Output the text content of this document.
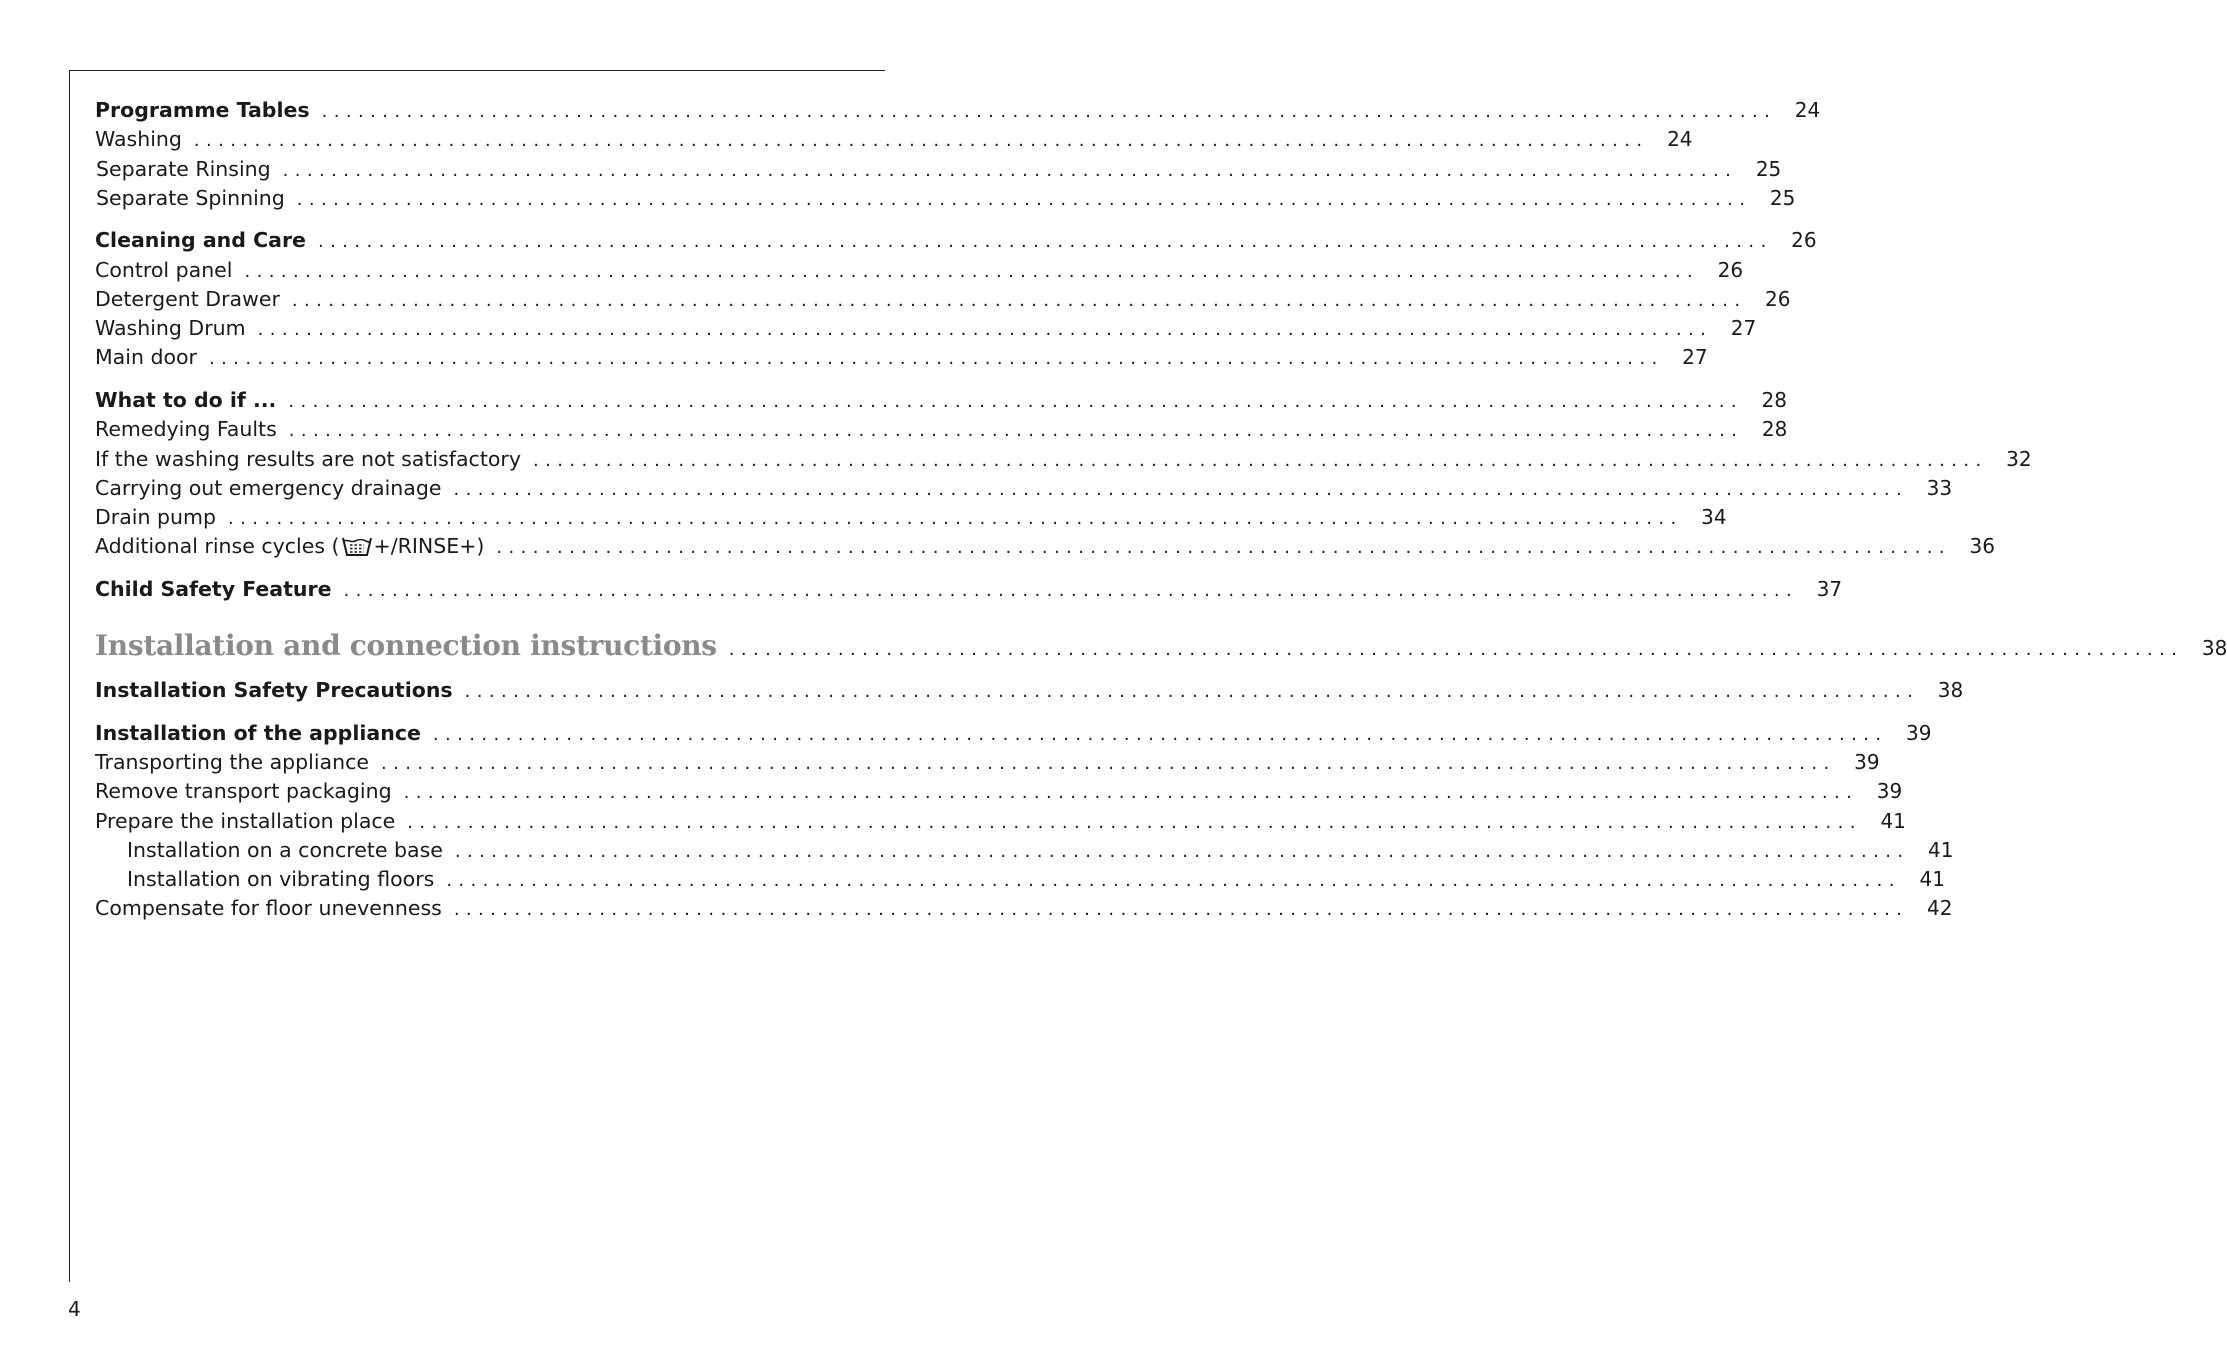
Programme Tables ........................................................................................................................ 24
Washing ........................................................................................................................ 24
Separate Rinsing ........................................................................................................................ 25
Separate Spinning ........................................................................................................................ 25
Cleaning and Care ........................................................................................................................ 26
Control panel ........................................................................................................................ 26
Detergent Drawer ........................................................................................................................ 26
Washing Drum ........................................................................................................................ 27
Main door ........................................................................................................................ 27
What to do if ... ........................................................................................................................ 28
Remedying Faults ........................................................................................................................ 28
If the washing results are not satisfactory ........................................................................................................................ 32
Carrying out emergency drainage ........................................................................................................................ 33
Drain pump ........................................................................................................................ 34
Additional rinse cycles ( +/RINSE+) ........................................................................................................................ 36
Child Safety Feature ........................................................................................................................ 37
Installation and connection instructions ........................................................................................................................ 38
Installation Safety Precautions ........................................................................................................................ 38
Installation of the appliance ........................................................................................................................ 39
Transporting the appliance ........................................................................................................................ 39
Remove transport packaging ........................................................................................................................ 39
Prepare the installation place ........................................................................................................................ 41
Installation on a concrete base ........................................................................................................................ 41
Installation on vibrating floors ........................................................................................................................ 41
Compensate for floor unevenness ........................................................................................................................ 42
4
